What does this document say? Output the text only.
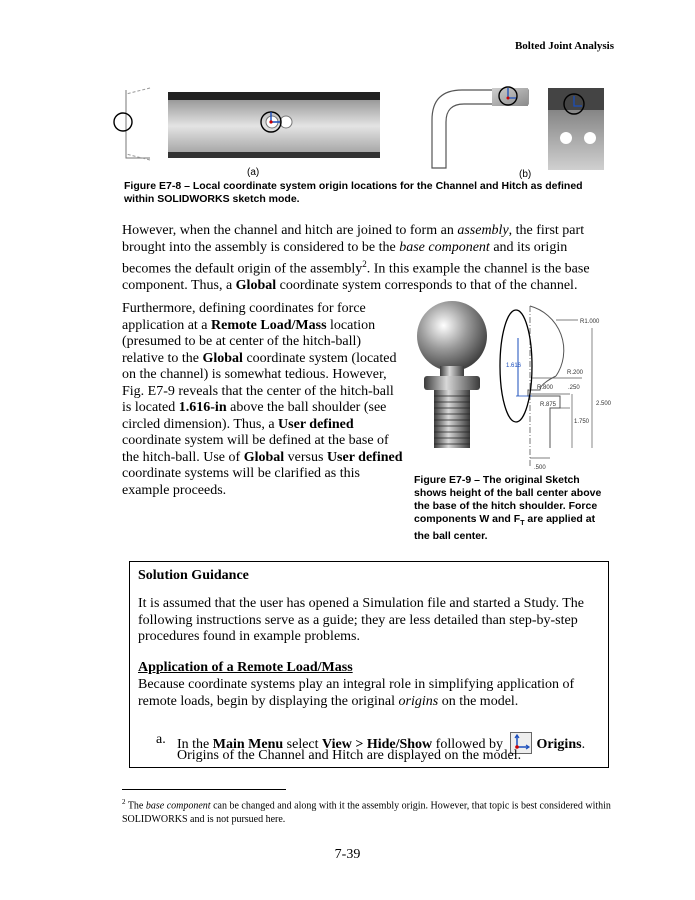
Bolted Joint Analysis
(a)	(b)
Figure E7-8 – Local coordinate system origin locations for the Channel and Hitch as defined
within SOLIDWORKS sketch mode.
However, when the channel and hitch are joined to form an assembly, the first part brought into the assembly is considered to be the base component and its origin becomes the default origin of the assembly$^2$. In this example the channel is the base component. Thus, a Global coordinate system corresponds to that of the channel.
Furthermore, defining coordinates for force application at a Remote Load/Mass location (presumed to be at center of the hitch-ball) relative to the Global coordinate system (located on the channel) is somewhat tedious. However, Fig. E7-9 reveals that the center of the hitch-ball is located 1.616-in above the ball shoulder (see circled dimension). Thus, a User defined coordinate system will be defined at the base of the hitch-ball. Use of Global versus User defined coordinate systems will be clarified as this example proceeds.
R1.000
1.616
R.200
R.800 .250
R.875	2.500
1.750
.500
Figure E7-9 – The original Sketch shows height of the ball center above the base of the hitch shoulder. Force components W and $F_T$ are applied at the ball center.
Solution Guidance
It is assumed that the user has opened a Simulation file and started a Study. The following instructions serve as a guide; they are less detailed than step-by-step procedures found in example problems.
Application of a Remote Load/Mass
Because coordinate systems play an integral role in simplifying application of remote loads, begin by displaying the original origins on the model.
a. In the Main Menu select View > Hide/Show followed by Origins.
Origins of the Channel and Hitch are displayed on the model.
$^2$ The base component can be changed and along with it the assembly origin. However, that topic is best considered within SOLIDWORKS and is not pursued here.
7-39
